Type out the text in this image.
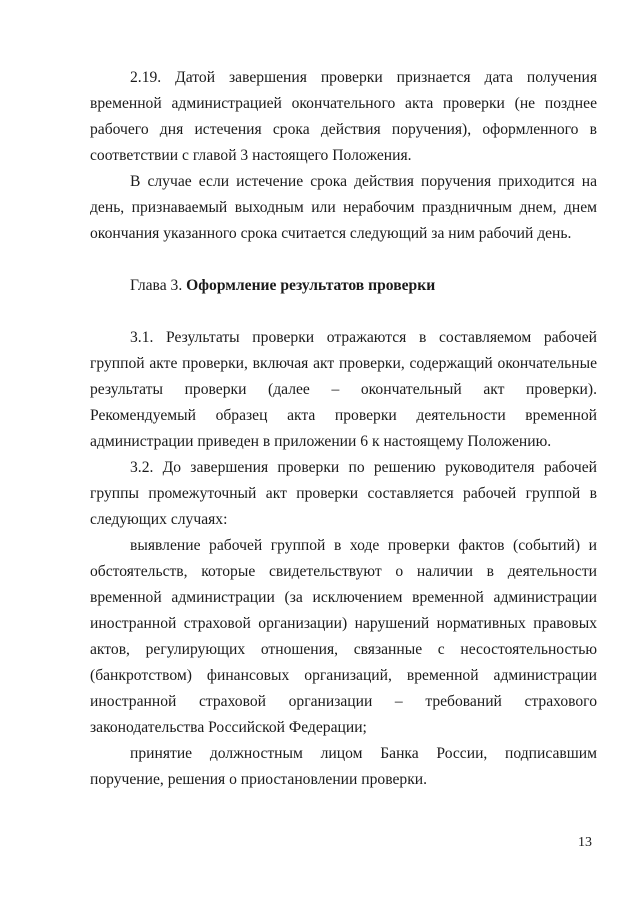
2.19. Датой завершения проверки признается дата получения временной администрацией окончательного акта проверки (не позднее рабочего дня истечения срока действия поручения), оформленного в соответствии с главой 3 настоящего Положения.

В случае если истечение срока действия поручения приходится на день, признаваемый выходным или нерабочим праздничным днем, днем окончания указанного срока считается следующий за ним рабочий день.

Глава 3. Оформление результатов проверки

3.1. Результаты проверки отражаются в составляемом рабочей группой акте проверки, включая акт проверки, содержащий окончательные результаты проверки (далее – окончательный акт проверки). Рекомендуемый образец акта проверки деятельности временной администрации приведен в приложении 6 к настоящему Положению.

3.2. До завершения проверки по решению руководителя рабочей группы промежуточный акт проверки составляется рабочей группой в следующих случаях:

выявление рабочей группой в ходе проверки фактов (событий) и обстоятельств, которые свидетельствуют о наличии в деятельности временной администрации (за исключением временной администрации иностранной страховой организации) нарушений нормативных правовых актов, регулирующих отношения, связанные с несостоятельностью (банкротством) финансовых организаций, временной администрации иностранной страховой организации – требований страхового законодательства Российской Федерации;

принятие должностным лицом Банка России, подписавшим поручение, решения о приостановлении проверки.

13
